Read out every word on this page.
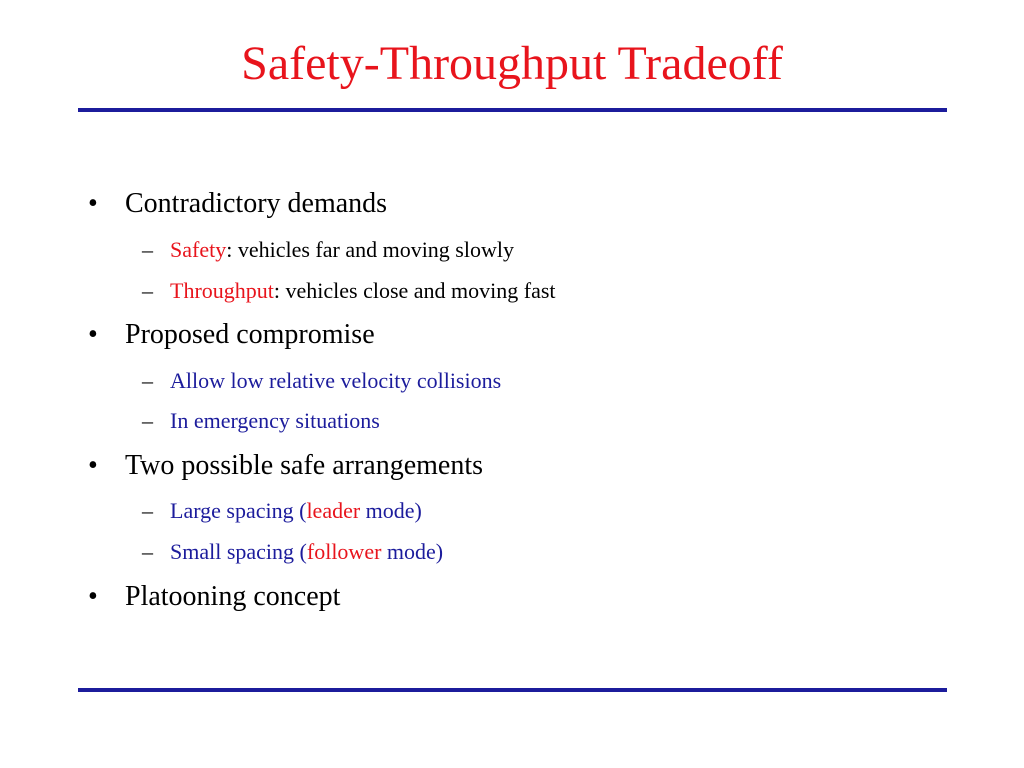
Safety-Throughput Tradeoff
• Contradictory demands
– Safety: vehicles far and moving slowly
– Throughput: vehicles close and moving fast
• Proposed compromise
– Allow low relative velocity collisions
– In emergency situations
• Two possible safe arrangements
– Large spacing (leader mode)
– Small spacing (follower mode)
• Platooning concept
